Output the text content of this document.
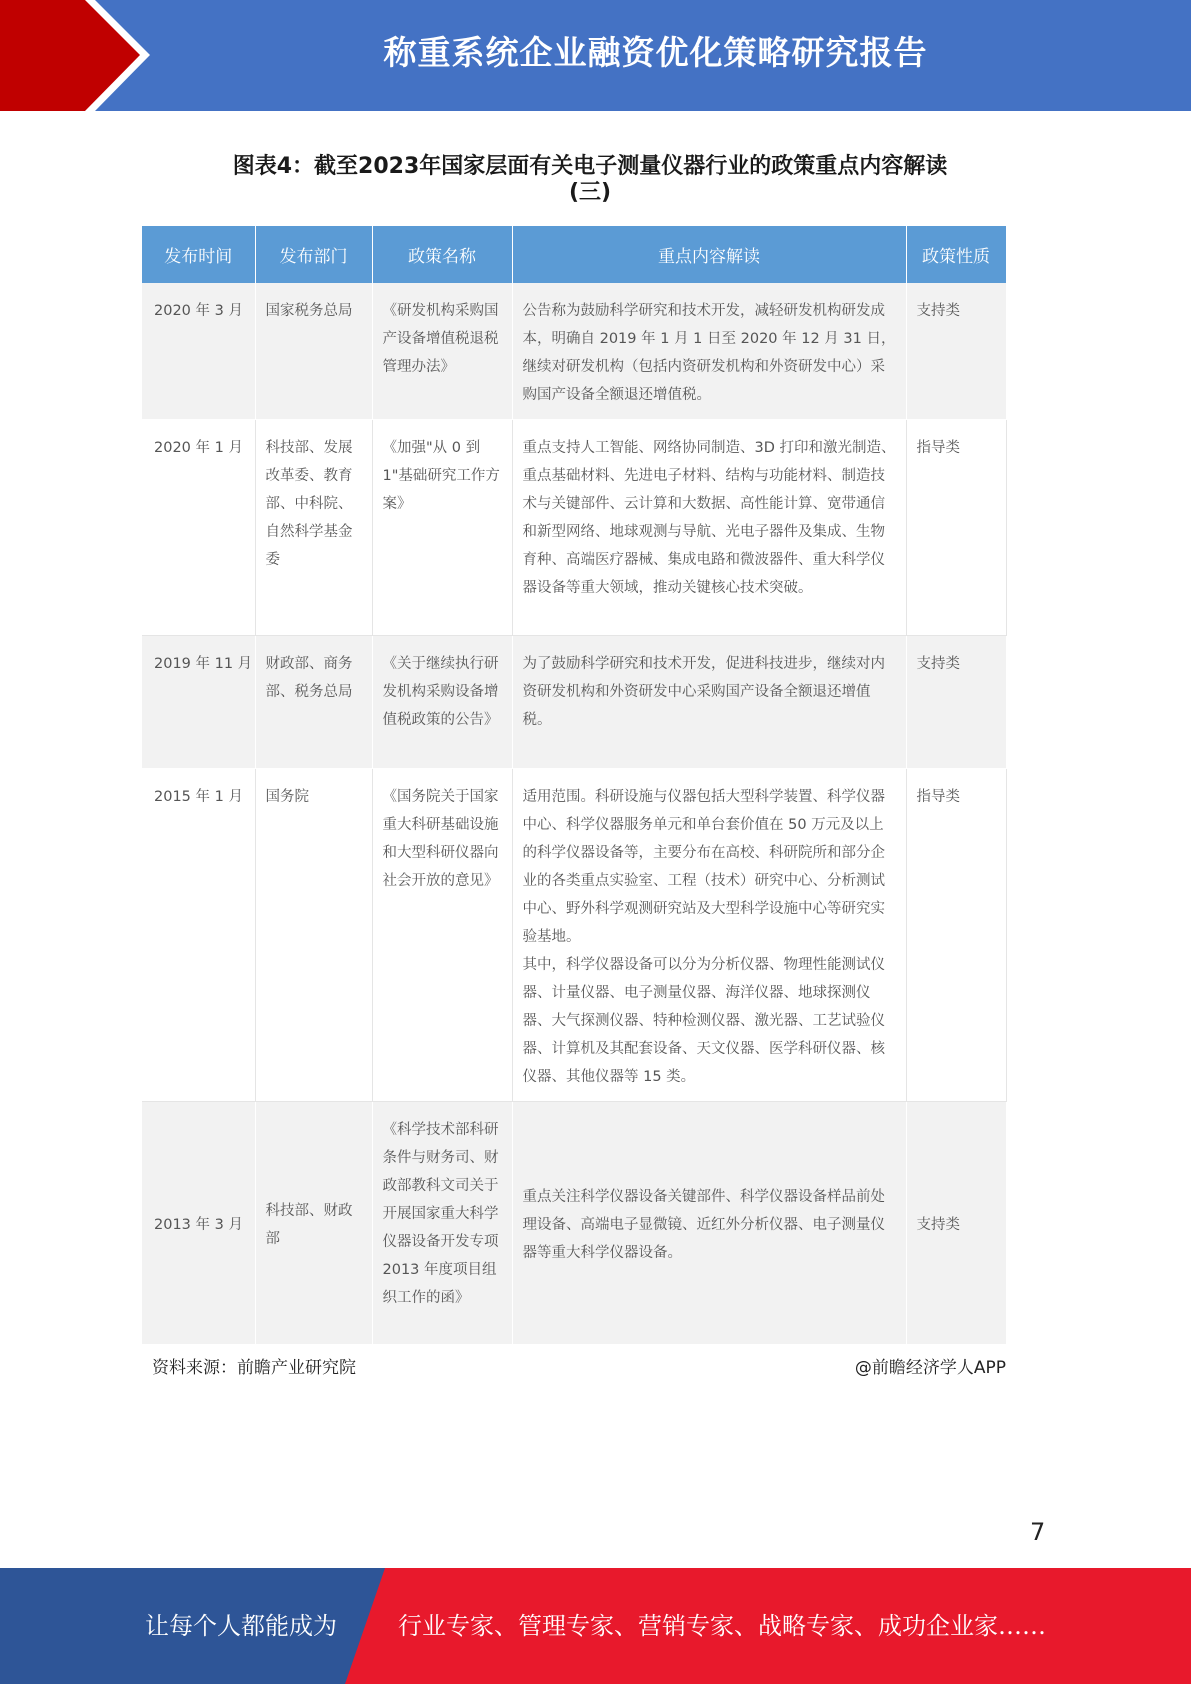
称重系统企业融资优化策略研究报告
图表4：截至2023年国家层面有关电子测量仪器行业的政策重点内容解读
(三)
发布时间	发布部门	政策名称	重点内容解读	政策性质
2020 年 3 月	国家税务总局	《研发机构采购国产设备增值税退税管理办法》	公告称为鼓励科学研究和技术开发，减轻研发机构研发成本，明确自 2019 年 1 月 1 日至 2020 年 12 月 31 日，继续对研发机构（包括内资研发机构和外资研发中心）采购国产设备全额退还增值税。	支持类
2020 年 1 月	科技部、发展改革委、教育部、中科院、自然科学基金委	《加强"从 0 到 1"基础研究工作方案》	重点支持人工智能、网络协同制造、3D 打印和激光制造、重点基础材料、先进电子材料、结构与功能材料、制造技术与关键部件、云计算和大数据、高性能计算、宽带通信和新型网络、地球观测与导航、光电子器件及集成、生物育种、高端医疗器械、集成电路和微波器件、重大科学仪器设备等重大领域，推动关键核心技术突破。	指导类
2019 年 11 月	财政部、商务部、税务总局	《关于继续执行研发机构采购设备增值税政策的公告》	为了鼓励科学研究和技术开发，促进科技进步，继续对内资研发机构和外资研发中心采购国产设备全额退还增值税。	支持类
2015 年 1 月	国务院	《国务院关于国家重大科研基础设施和大型科研仪器向社会开放的意见》	适用范围。科研设施与仪器包括大型科学装置、科学仪器中心、科学仪器服务单元和单台套价值在 50 万元及以上的科学仪器设备等，主要分布在高校、科研院所和部分企业的各类重点实验室、工程（技术）研究中心、分析测试中心、野外科学观测研究站及大型科学设施中心等研究实验基地。
其中，科学仪器设备可以分为分析仪器、物理性能测试仪器、计量仪器、电子测量仪器、海洋仪器、地球探测仪器、大气探测仪器、特种检测仪器、激光器、工艺试验仪器、计算机及其配套设备、天文仪器、医学科研仪器、核仪器、其他仪器等 15 类。	指导类
2013 年 3 月	科技部、财政部	《科学技术部科研条件与财务司、财政部教科文司关于开展国家重大科学仪器设备开发专项 2013 年度项目组织工作的函》	重点关注科学仪器设备关键部件、科学仪器设备样品前处理设备、高端电子显微镜、近红外分析仪器、电子测量仪器等重大科学仪器设备。	支持类
资料来源：前瞻产业研究院	@前瞻经济学人APP
7
让每个人都能成为	行业专家、管理专家、营销专家、战略专家、成功企业家……
